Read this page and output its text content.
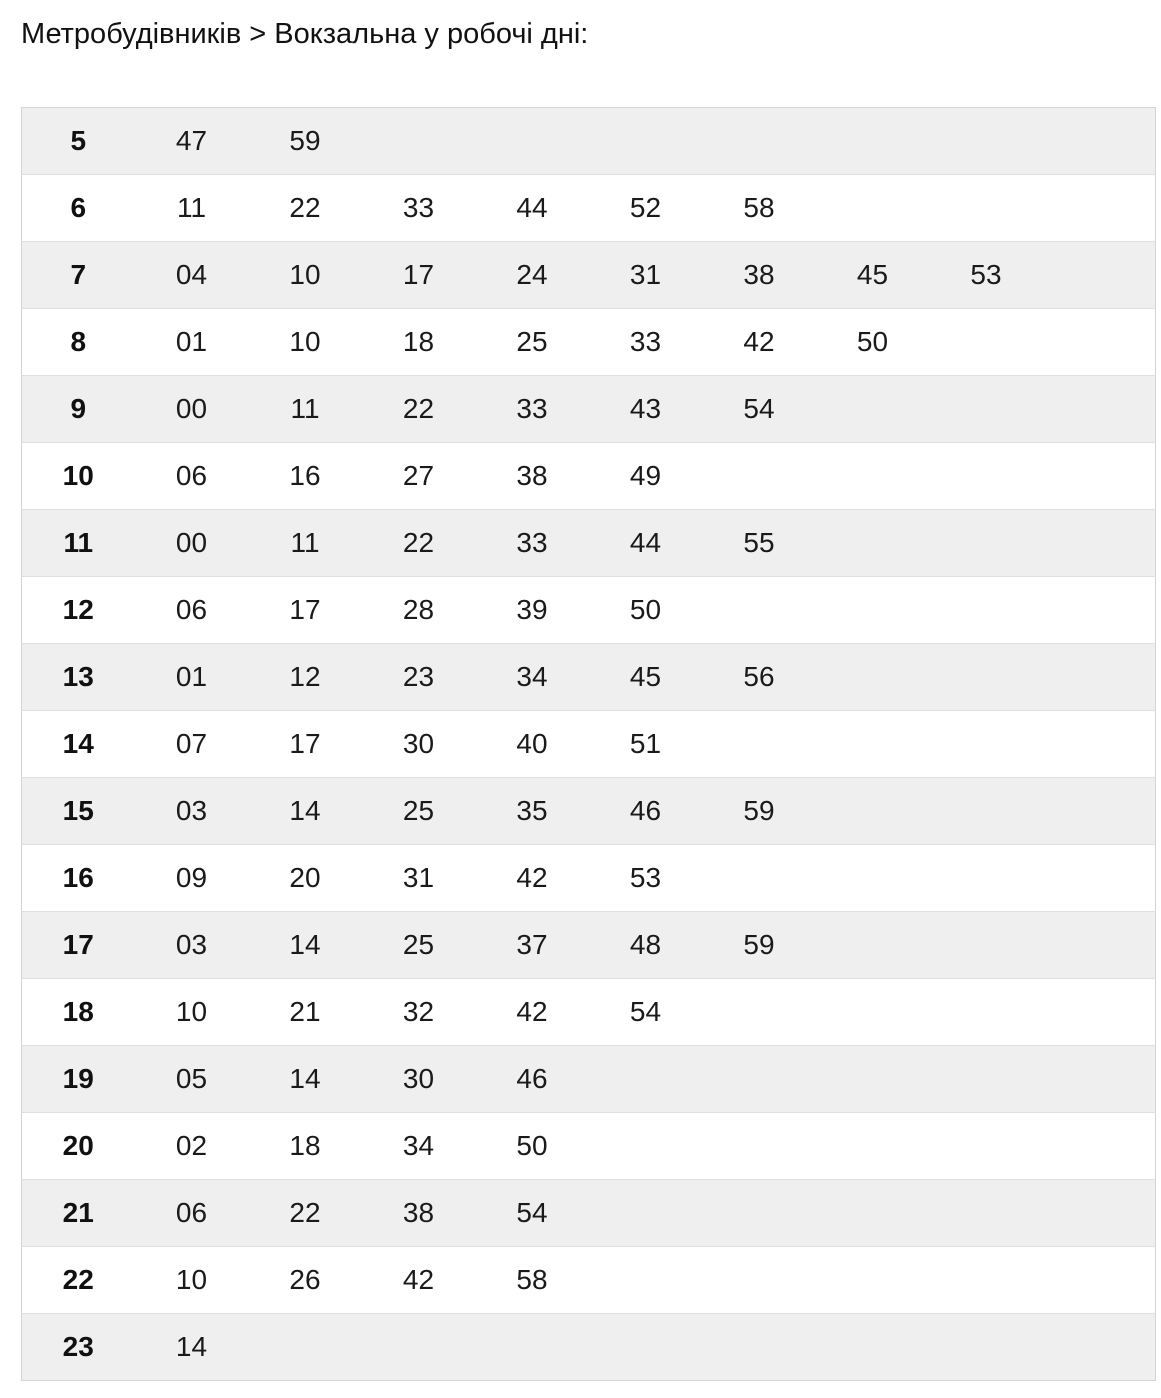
Метробудівників > Вокзальна у робочі дні:
5	47	59							
6	11	22	33	44	52	58			
7	04	10	17	24	31	38	45	53	
8	01	10	18	25	33	42	50		
9	00	11	22	33	43	54			
10	06	16	27	38	49				
11	00	11	22	33	44	55			
12	06	17	28	39	50				
13	01	12	23	34	45	56			
14	07	17	30	40	51				
15	03	14	25	35	46	59			
16	09	20	31	42	53				
17	03	14	25	37	48	59			
18	10	21	32	42	54				
19	05	14	30	46					
20	02	18	34	50					
21	06	22	38	54					
22	10	26	42	58					
23	14								
